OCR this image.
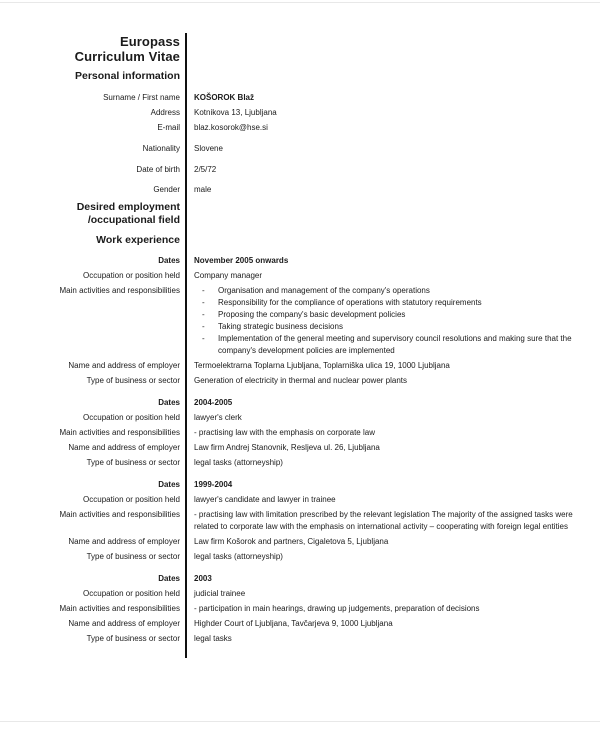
Europass
Curriculum Vitae
Personal information
Surname / First name KOŠOROK Blaž
Address Kotnikova 13, Ljubljana
E-mail blaz.kosorok@hse.si
Nationality Slovene
Date of birth 2/5/72
Gender male
Desired employment
/occupational field
Work experience
Dates November 2005 onwards
Occupation or position held Company manager
Main activities and responsibilities	-	Organisation and management of the company's operations
-	Responsibility for the compliance of operations with statutory requirements
-	Proposing the company's basic development policies
-	Taking strategic business decisions
-	Implementation of the general meeting and supervisory council resolutions and making sure that the company's development policies are implemented
Name and address of employer Termoelektrarna Toplarna Ljubljana, Toplarniška ulica 19, 1000 Ljubljana
Type of business or sector Generation of electricity in thermal and nuclear power plants
Dates 2004-2005
Occupation or position held lawyer's clerk
Main activities and responsibilities - practising law with the emphasis on corporate law
Name and address of employer Law firm Andrej Stanovnik, Resljeva ul. 26, Ljubljana
Type of business or sector legal tasks (attorneyship)
Dates 1999-2004
Occupation or position held lawyer's candidate and lawyer in trainee
Main activities and responsibilities - practising law with limitation prescribed by the relevant legislation The majority of the assigned tasks were related to corporate law with the emphasis on international activity – cooperating with foreign legal entities
Name and address of employer Law firm Košorok and partners, Cigaletova 5, Ljubljana
Type of business or sector legal tasks (attorneyship)
Dates 2003
Occupation or position held judicial trainee
Main activities and responsibilities - participation in main hearings, drawing up judgements, preparation of decisions
Name and address of employer Highder Court of Ljubljana, Tavčarjeva 9, 1000 Ljubljana
Type of business or sector legal tasks
